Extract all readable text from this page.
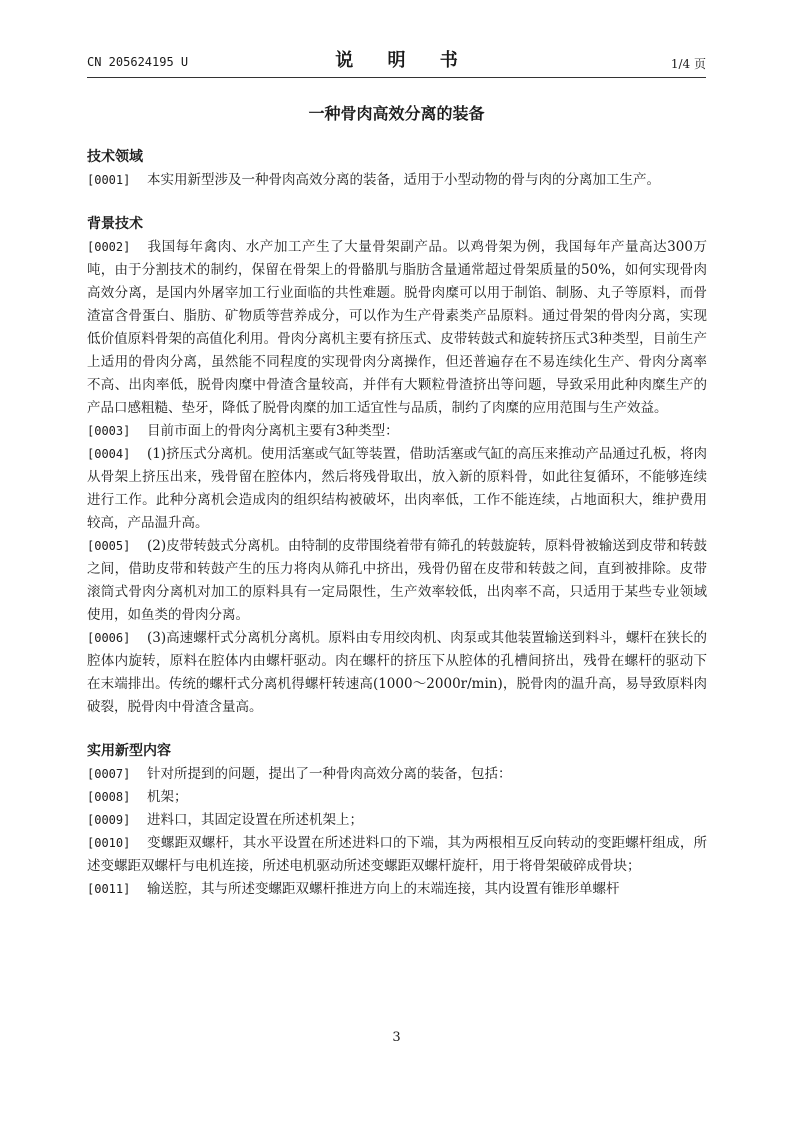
CN 205624195 U	说 明 书	1/4 页
一种骨肉高效分离的装备
技术领域

[0001] 本实用新型涉及一种骨肉高效分离的装备，适用于小型动物的骨与肉的分离加工生产。

背景技术

[0002] 我国每年禽肉、水产加工产生了大量骨架副产品。以鸡骨架为例，我国每年产量高达300万吨，由于分割技术的制约，保留在骨架上的骨骼肌与脂肪含量通常超过骨架质量的50%，如何实现骨肉高效分离，是国内外屠宰加工行业面临的共性难题。脱骨肉糜可以用于制馅、制肠、丸子等原料，而骨渣富含骨蛋白、脂肪、矿物质等营养成分，可以作为生产骨素类产品原料。通过骨架的骨肉分离，实现低价值原料骨架的高值化利用。骨肉分离机主要有挤压式、皮带转鼓式和旋转挤压式3种类型，目前生产上适用的骨肉分离，虽然能不同程度的实现骨肉分离操作，但还普遍存在不易连续化生产、骨肉分离率不高、出肉率低，脱骨肉糜中骨渣含量较高，并伴有大颗粒骨渣挤出等问题，导致采用此种肉糜生产的产品口感粗糙、垫牙，降低了脱骨肉糜的加工适宜性与品质，制约了肉糜的应用范围与生产效益。

[0003] 目前市面上的骨肉分离机主要有3种类型：

[0004] (1)挤压式分离机。使用活塞或气缸等装置，借助活塞或气缸的高压来推动产品通过孔板，将肉从骨架上挤压出来，残骨留在腔体内，然后将残骨取出，放入新的原料骨，如此往复循环，不能够连续进行工作。此种分离机会造成肉的组织结构被破坏，出肉率低，工作不能连续，占地面积大，维护费用较高，产品温升高。

[0005] (2)皮带转鼓式分离机。由特制的皮带围绕着带有筛孔的转鼓旋转，原料骨被输送到皮带和转鼓之间，借助皮带和转鼓产生的压力将肉从筛孔中挤出，残骨仍留在皮带和转鼓之间，直到被排除。皮带滚筒式骨肉分离机对加工的原料具有一定局限性，生产效率较低，出肉率不高，只适用于某些专业领域使用，如鱼类的骨肉分离。

[0006] (3)高速螺杆式分离机分离机。原料由专用绞肉机、肉泵或其他装置输送到料斗，螺杆在狭长的腔体内旋转，原料在腔体内由螺杆驱动。肉在螺杆的挤压下从腔体的孔槽间挤出，残骨在螺杆的驱动下在末端排出。传统的螺杆式分离机得螺杆转速高(1000～2000r/min)，脱骨肉的温升高，易导致原料肉破裂，脱骨肉中骨渣含量高。

实用新型内容

[0007] 针对所提到的问题，提出了一种骨肉高效分离的装备，包括：

[0008] 机架；

[0009] 进料口，其固定设置在所述机架上；

[0010] 变螺距双螺杆，其水平设置在所述进料口的下端，其为两根相互反向转动的变距螺杆组成，所述变螺距双螺杆与电机连接，所述电机驱动所述变螺距双螺杆旋杆，用于将骨架破碎成骨块；

[0011] 输送腔，其与所述变螺距双螺杆推进方向上的末端连接，其内设置有锥形单螺杆

3
